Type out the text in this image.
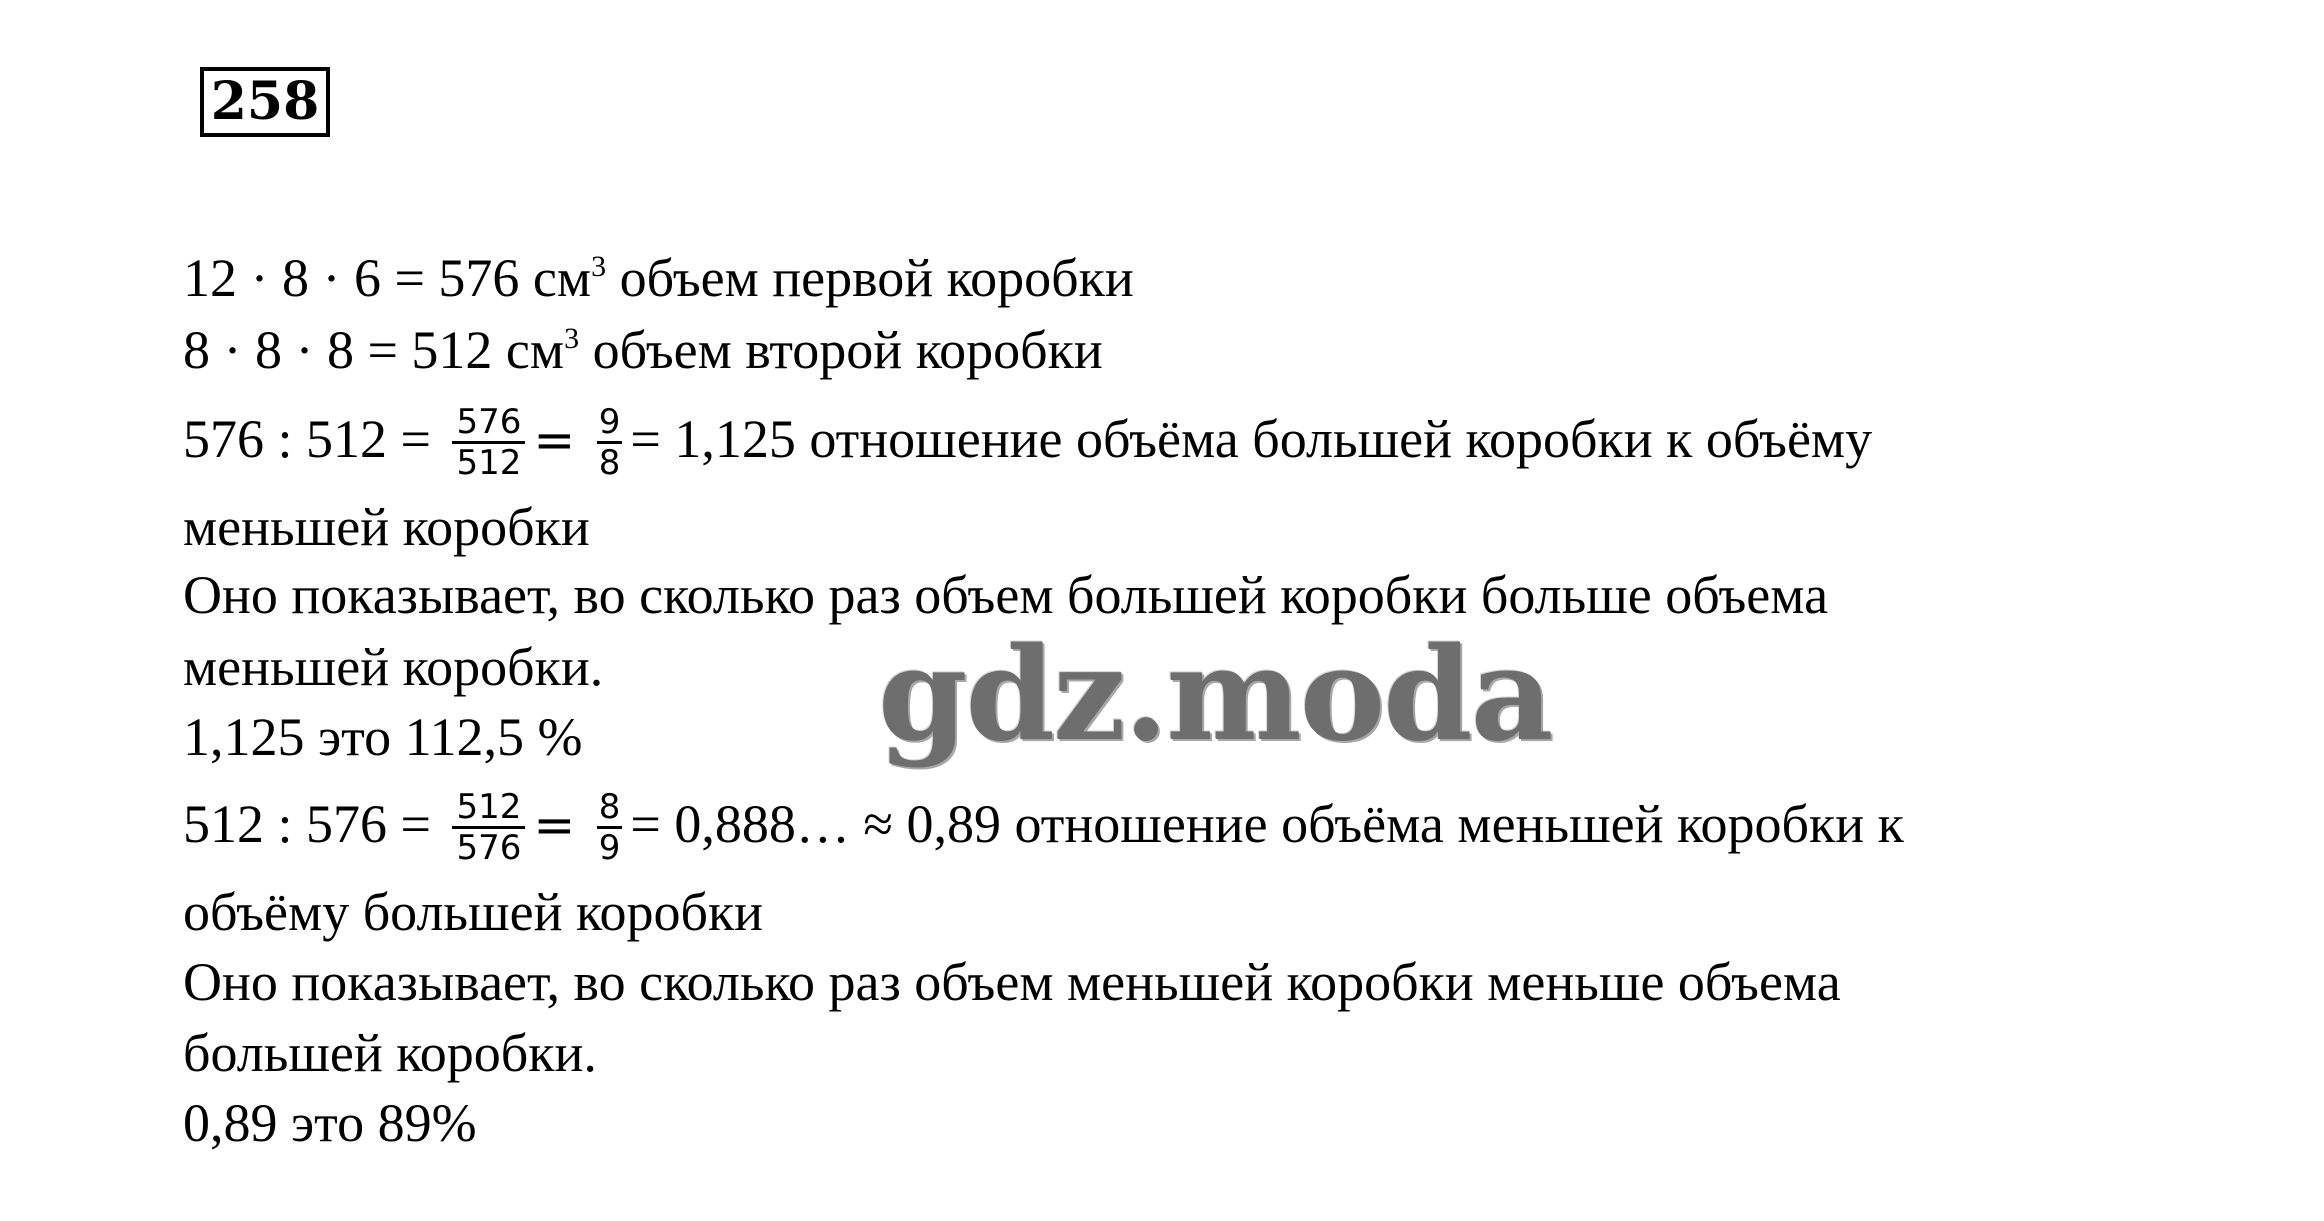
258
12 · 8 · 6 = 576 $см^3$ объем первой коробки
8 · 8 · 8 = 512 $см^3$ объем второй коробки
576 : $512 = \frac{576}{512} = \frac{9}{8} = 1,125$ отношение объёма большей коробки к объёму
меньшей коробки
Оно показывает, во сколько раз объем большей коробки больше объема
меньшей коробки.
1,125 это 112,5 %
512 : $576 = \frac{512}{576} = \frac{8}{9}$ = 0,888… ≈ 0,89 отношение объёма меньшей коробки к
объёму большей коробки
Оно показывает, во сколько раз объем меньшей коробки меньше объема
большей коробки.
0,89 это 89%
gdz.moda
